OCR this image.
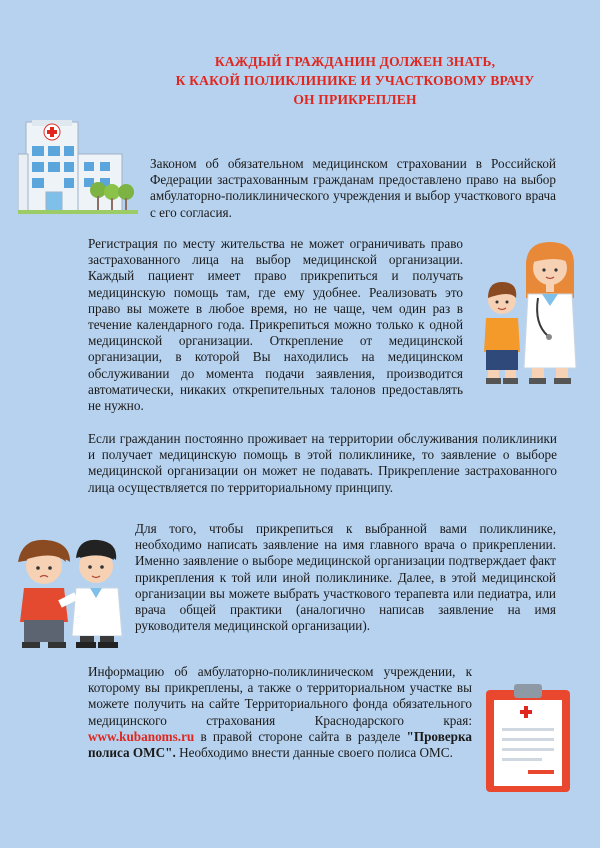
КАЖДЫЙ ГРАЖДАНИН ДОЛЖЕН ЗНАТЬ,
К КАКОЙ ПОЛИКЛИНИКЕ И УЧАСТКОВОМУ ВРАЧУ
ОН ПРИКРЕПЛЕН

Законом об обязательном медицинском страховании в Российской Федерации застрахованным гражданам предоставлено право на выбор амбулаторно-поликлинического учреждения и выбор участкового врача с его согласия.

Регистрация по месту жительства не может ограничивать право застрахованного лица на выбор медицинской организации. Каждый пациент имеет право прикрепиться и получать медицинскую помощь там, где ему удобнее. Реализовать это право вы можете в любое время, но не чаще, чем один раз в течение календарного года. Прикрепиться можно только к одной медицинской организации. Открепление от медицинской организации, в которой Вы находились на медицинском обслуживании до момента подачи заявления, производится автоматически, никаких открепительных талонов предоставлять не нужно.

Если гражданин постоянно проживает на территории обслуживания поликлиники и получает медицинскую помощь в этой поликлинике, то заявление о выборе медицинской организации он может не подавать. Прикрепление застрахованного лица осуществляется по территориальному принципу.

Для того, чтобы прикрепиться к выбранной вами поликлинике, необходимо написать заявление на имя главного врача о прикреплении. Именно заявление о выборе медицинской организации подтверждает факт прикрепления к той или иной поликлинике. Далее, в этой медицинской организации вы можете выбрать участкового терапевта или педиатра, или врача общей практики (аналогично написав заявление на имя руководителя медицинской организации).

Информацию об амбулаторно-поликлиническом учреждении, к которому вы прикреплены, а также о территориальном участке вы можете получить на сайте Территориального фонда обязательного медицинского страхования Краснодарского края: www.kubanoms.ru в правой стороне сайта в разделе "Проверка полиса ОМС". Необходимо внести данные своего полиса ОМС.
